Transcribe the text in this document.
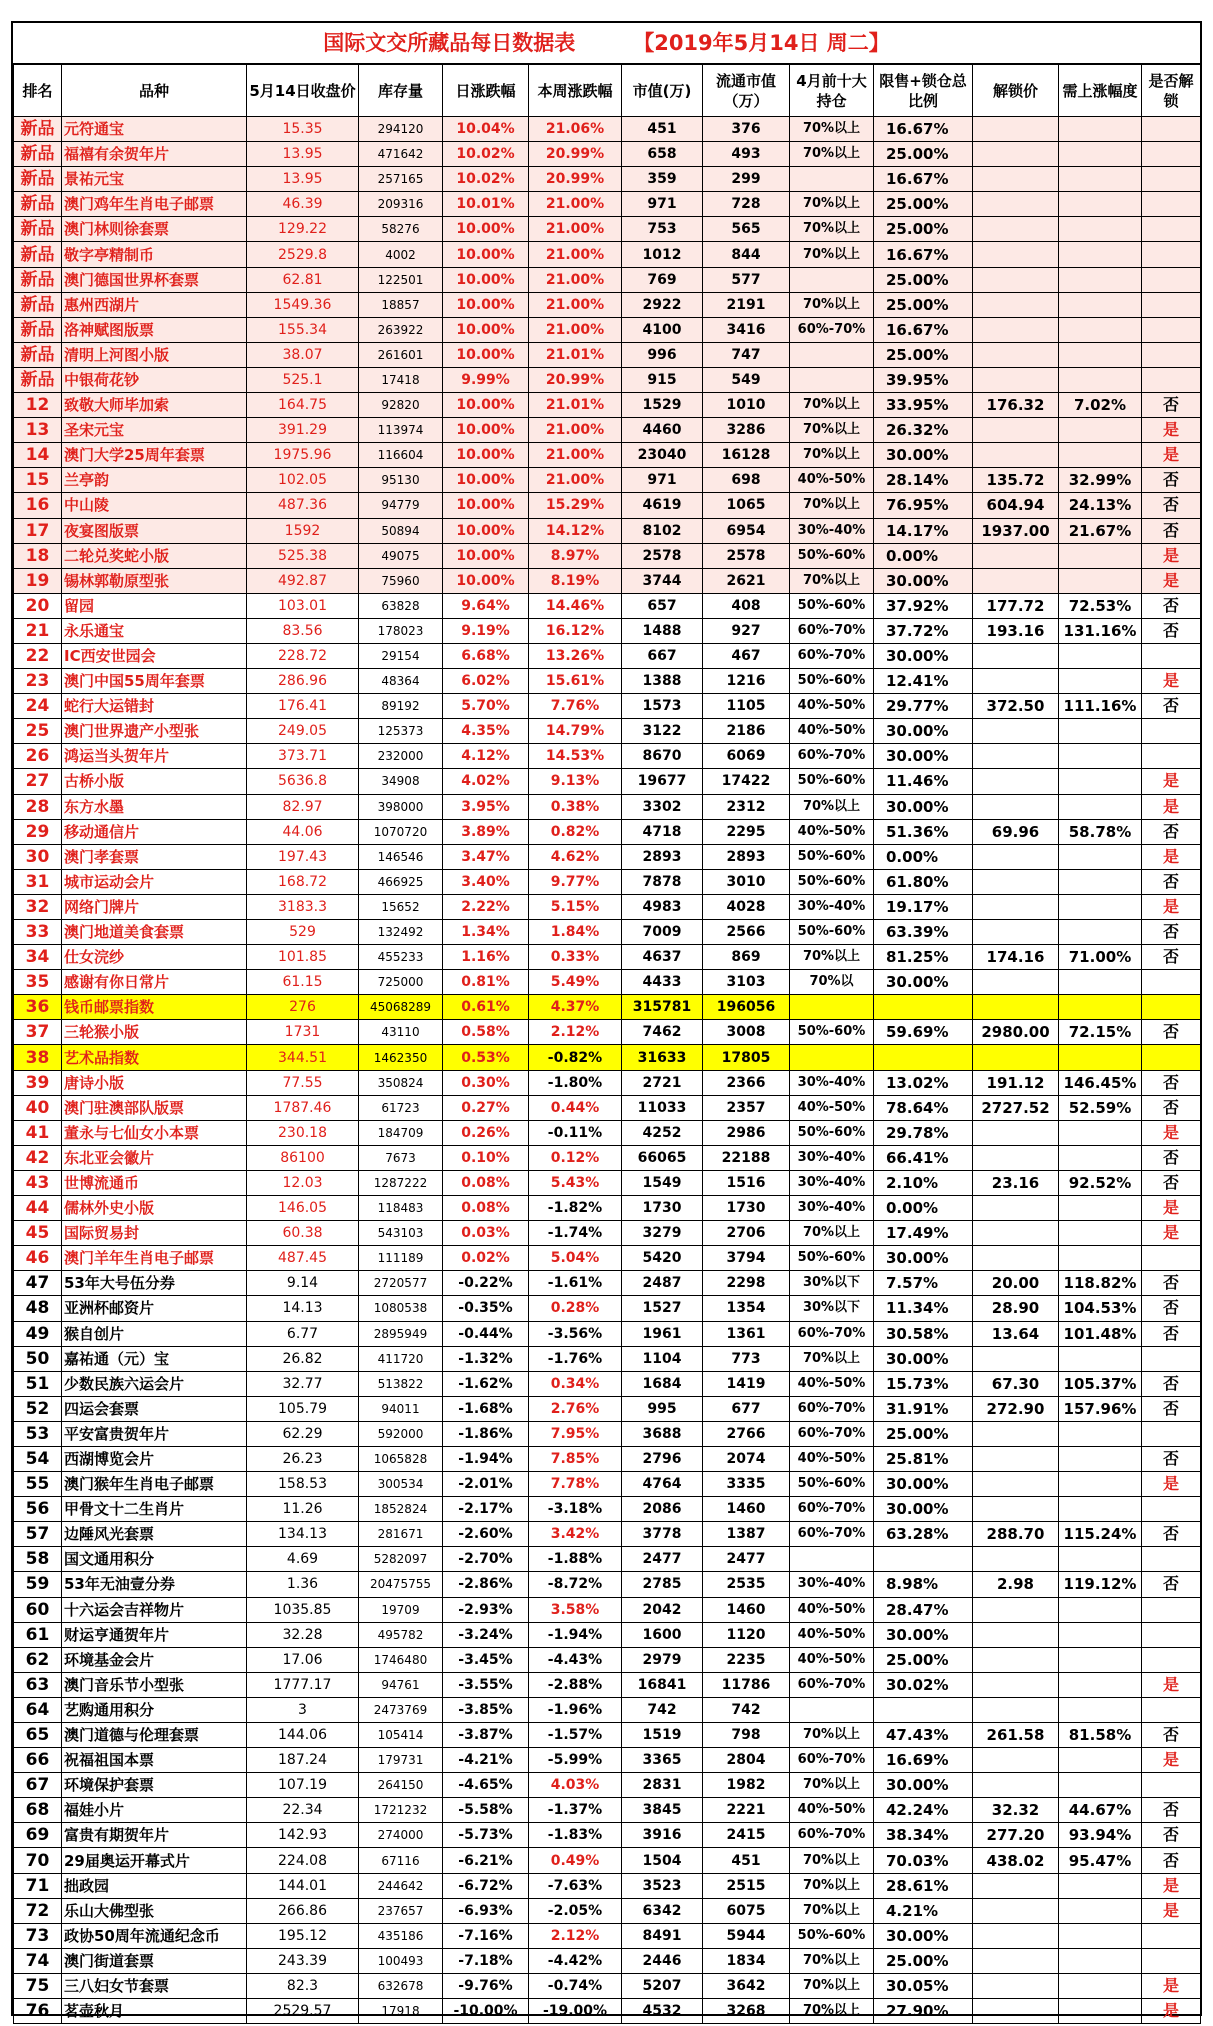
国际文交所藏品每日数据表	【2019年5月14日 周二】
排名	品种	5月14日收盘价	库存量	日涨跌幅	本周涨跌幅	市值(万)	流通市值（万）	4月前十大持仓	限售+锁仓总比例	解锁价	需上涨幅度	是否解锁
新品	元符通宝	15.35	294120	10.04%	21.06%	451	376	70%以上	16.67%			
新品	福禧有余贺年片	13.95	471642	10.02%	20.99%	658	493	70%以上	25.00%			
新品	景祐元宝	13.95	257165	10.02%	20.99%	359	299		16.67%			
新品	澳门鸡年生肖电子邮票	46.39	209316	10.01%	21.00%	971	728	70%以上	25.00%			
新品	澳门林则徐套票	129.22	58276	10.00%	21.00%	753	565	70%以上	25.00%			
新品	敬字亭精制币	2529.8	4002	10.00%	21.00%	1012	844	70%以上	16.67%			
新品	澳门德国世界杯套票	62.81	122501	10.00%	21.00%	769	577		25.00%			
新品	惠州西湖片	1549.36	18857	10.00%	21.00%	2922	2191	70%以上	25.00%			
新品	洛神赋图版票	155.34	263922	10.00%	21.00%	4100	3416	60%-70%	16.67%			
新品	清明上河图小版	38.07	261601	10.00%	21.01%	996	747		25.00%			
新品	中银荷花钞	525.1	17418	9.99%	20.99%	915	549		39.95%			
12	致敬大师毕加索	164.75	92820	10.00%	21.01%	1529	1010	70%以上	33.95%	176.32	7.02%	否
13	圣宋元宝	391.29	113974	10.00%	21.00%	4460	3286	70%以上	26.32%			是
14	澳门大学25周年套票	1975.96	116604	10.00%	21.00%	23040	16128	70%以上	30.00%			是
15	兰亭韵	102.05	95130	10.00%	21.00%	971	698	40%-50%	28.14%	135.72	32.99%	否
16	中山陵	487.36	94779	10.00%	15.29%	4619	1065	70%以上	76.95%	604.94	24.13%	否
17	夜宴图版票	1592	50894	10.00%	14.12%	8102	6954	30%-40%	14.17%	1937.00	21.67%	否
18	二轮兑奖蛇小版	525.38	49075	10.00%	8.97%	2578	2578	50%-60%	0.00%			是
19	锡林郭勒原型张	492.87	75960	10.00%	8.19%	3744	2621	70%以上	30.00%			是
20	留园	103.01	63828	9.64%	14.46%	657	408	50%-60%	37.92%	177.72	72.53%	否
21	永乐通宝	83.56	178023	9.19%	16.12%	1488	927	60%-70%	37.72%	193.16	131.16%	否
22	IC西安世园会	228.72	29154	6.68%	13.26%	667	467	60%-70%	30.00%			
23	澳门中国55周年套票	286.96	48364	6.02%	15.61%	1388	1216	50%-60%	12.41%			是
24	蛇行大运错封	176.41	89192	5.70%	7.76%	1573	1105	40%-50%	29.77%	372.50	111.16%	否
25	澳门世界遗产小型张	249.05	125373	4.35%	14.79%	3122	2186	40%-50%	30.00%			
26	鸿运当头贺年片	373.71	232000	4.12%	14.53%	8670	6069	60%-70%	30.00%			
27	古桥小版	5636.8	34908	4.02%	9.13%	19677	17422	50%-60%	11.46%			是
28	东方水墨	82.97	398000	3.95%	0.38%	3302	2312	70%以上	30.00%			是
29	移动通信片	44.06	1070720	3.89%	0.82%	4718	2295	40%-50%	51.36%	69.96	58.78%	否
30	澳门孝套票	197.43	146546	3.47%	4.62%	2893	2893	50%-60%	0.00%			是
31	城市运动会片	168.72	466925	3.40%	9.77%	7878	3010	50%-60%	61.80%			否
32	网络门牌片	3183.3	15652	2.22%	5.15%	4983	4028	30%-40%	19.17%			是
33	澳门地道美食套票	529	132492	1.34%	1.84%	7009	2566	50%-60%	63.39%			否
34	仕女浣纱	101.85	455233	1.16%	0.33%	4637	869	70%以上	81.25%	174.16	71.00%	否
35	感谢有你日常片	61.15	725000	0.81%	5.49%	4433	3103	70%以	30.00%			
36	钱币邮票指数	276	45068289	0.61%	4.37%	315781	196056					
37	三轮猴小版	1731	43110	0.58%	2.12%	7462	3008	50%-60%	59.69%	2980.00	72.15%	否
38	艺术品指数	344.51	1462350	0.53%	-0.82%	31633	17805					
39	唐诗小版	77.55	350824	0.30%	-1.80%	2721	2366	30%-40%	13.02%	191.12	146.45%	否
40	澳门驻澳部队版票	1787.46	61723	0.27%	0.44%	11033	2357	40%-50%	78.64%	2727.52	52.59%	否
41	董永与七仙女小本票	230.18	184709	0.26%	-0.11%	4252	2986	50%-60%	29.78%			是
42	东北亚会徽片	86100	7673	0.10%	0.12%	66065	22188	30%-40%	66.41%			否
43	世博流通币	12.03	1287222	0.08%	5.43%	1549	1516	30%-40%	2.10%	23.16	92.52%	否
44	儒林外史小版	146.05	118483	0.08%	-1.82%	1730	1730	30%-40%	0.00%			是
45	国际贸易封	60.38	543103	0.03%	-1.74%	3279	2706	70%以上	17.49%			是
46	澳门羊年生肖电子邮票	487.45	111189	0.02%	5.04%	5420	3794	50%-60%	30.00%			
47	53年大号伍分券	9.14	2720577	-0.22%	-1.61%	2487	2298	30%以下	7.57%	20.00	118.82%	否
48	亚洲杯邮资片	14.13	1080538	-0.35%	0.28%	1527	1354	30%以下	11.34%	28.90	104.53%	否
49	猴自创片	6.77	2895949	-0.44%	-3.56%	1961	1361	60%-70%	30.58%	13.64	101.48%	否
50	嘉祐通（元）宝	26.82	411720	-1.32%	-1.76%	1104	773	70%以上	30.00%			
51	少数民族六运会片	32.77	513822	-1.62%	0.34%	1684	1419	40%-50%	15.73%	67.30	105.37%	否
52	四运会套票	105.79	94011	-1.68%	2.76%	995	677	60%-70%	31.91%	272.90	157.96%	否
53	平安富贵贺年片	62.29	592000	-1.86%	7.95%	3688	2766	60%-70%	25.00%			
54	西湖博览会片	26.23	1065828	-1.94%	7.85%	2796	2074	40%-50%	25.81%			否
55	澳门猴年生肖电子邮票	158.53	300534	-2.01%	7.78%	4764	3335	50%-60%	30.00%			是
56	甲骨文十二生肖片	11.26	1852824	-2.17%	-3.18%	2086	1460	60%-70%	30.00%			
57	边陲风光套票	134.13	281671	-2.60%	3.42%	3778	1387	60%-70%	63.28%	288.70	115.24%	否
58	国文通用积分	4.69	5282097	-2.70%	-1.88%	2477	2477					
59	53年无油壹分券	1.36	20475755	-2.86%	-8.72%	2785	2535	30%-40%	8.98%	2.98	119.12%	否
60	十六运会吉祥物片	1035.85	19709	-2.93%	3.58%	2042	1460	40%-50%	28.47%			
61	财运亨通贺年片	32.28	495782	-3.24%	-1.94%	1600	1120	40%-50%	30.00%			
62	环境基金会片	17.06	1746480	-3.45%	-4.43%	2979	2235	40%-50%	25.00%			
63	澳门音乐节小型张	1777.17	94761	-3.55%	-2.88%	16841	11786	60%-70%	30.02%			是
64	艺购通用积分	3	2473769	-3.85%	-1.96%	742	742					
65	澳门道德与伦理套票	144.06	105414	-3.87%	-1.57%	1519	798	70%以上	47.43%	261.58	81.58%	否
66	祝福祖国本票	187.24	179731	-4.21%	-5.99%	3365	2804	60%-70%	16.69%			是
67	环境保护套票	107.19	264150	-4.65%	4.03%	2831	1982	70%以上	30.00%			
68	福娃小片	22.34	1721232	-5.58%	-1.37%	3845	2221	40%-50%	42.24%	32.32	44.67%	否
69	富贵有期贺年片	142.93	274000	-5.73%	-1.83%	3916	2415	60%-70%	38.34%	277.20	93.94%	否
70	29届奥运开幕式片	224.08	67116	-6.21%	0.49%	1504	451	70%以上	70.03%	438.02	95.47%	否
71	拙政园	144.01	244642	-6.72%	-7.63%	3523	2515	70%以上	28.61%			是
72	乐山大佛型张	266.86	237657	-6.93%	-2.05%	6342	6075	70%以上	4.21%			是
73	政协50周年流通纪念币	195.12	435186	-7.16%	2.12%	8491	5944	50%-60%	30.00%			
74	澳门街道套票	243.39	100493	-7.18%	-4.42%	2446	1834	70%以上	25.00%			
75	三八妇女节套票	82.3	632678	-9.76%	-0.74%	5207	3642	70%以上	30.05%			是
76	茗壶秋月	2529.57	17918	-10.00%	-19.00%	4532	3268	70%以上	27.90%			是
